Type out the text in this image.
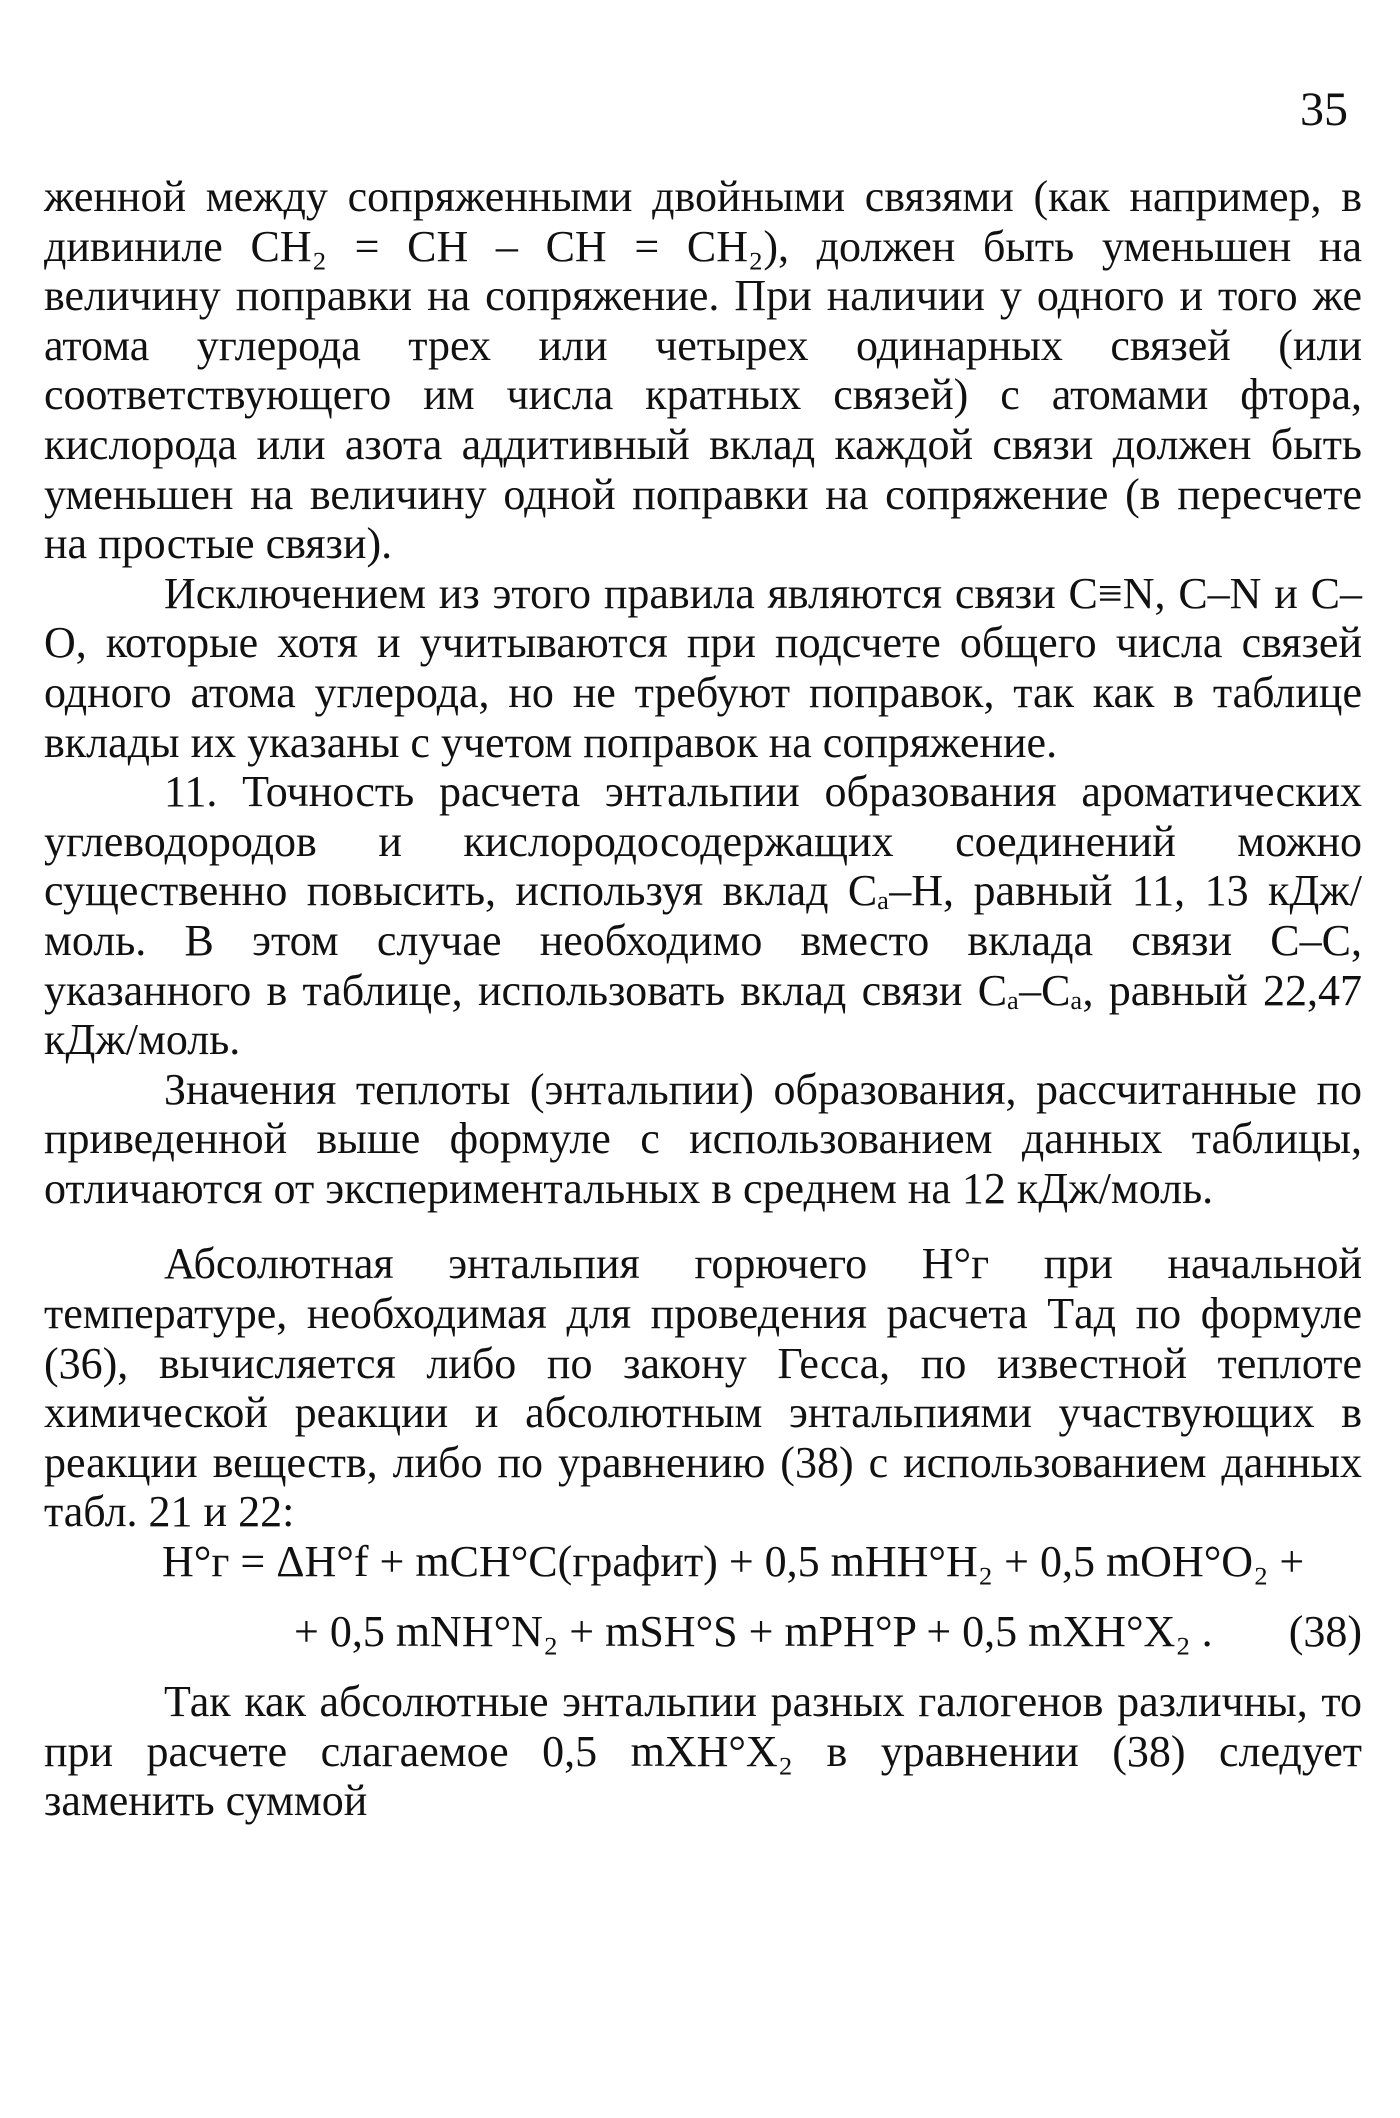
35

женной между сопряженными двойными связями (как например, в дивиниле CH₂ = CH – CH = CH₂), должен быть уменьшен на величину поправки на сопряжение. При наличии у одного и того же атома углерода трех или четырех одинарных связей (или соответствующего им числа кратных связей) с атомами фтора, кислорода или азота аддитивный вклад каждой связи должен быть уменьшен на величину одной поправки на сопряжение (в пересчете на простые связи).

Исключением из этого правила являются связи C≡N, C–N и C–O, которые хотя и учитываются при подсчете общего числа связей одного атома углерода, но не требуют поправок, так как в таблице вклады их указаны с учетом поправок на сопряжение.

11. Точность расчета энтальпии образования ароматических углеводородов и кислородосодержащих соединений можно существенно повысить, используя вклад Cₐ–H, равный 11, 13 кДж/моль. В этом случае необходимо вместо вклада связи C–C, указанного в таблице, использовать вклад связи Cₐ–Cₐ, равный 22,47 кДж/моль.

Значения теплоты (энтальпии) образования, рассчитанные по приведенной выше формуле с использованием данных таблицы, отличаются от экспериментальных в среднем на 12 кДж/моль.

Абсолютная энтальпия горючего H°г при начальной температуре, необходимая для проведения расчета Tад по формуле (36), вычисляется либо по закону Гесса, по известной теплоте химической реакции и абсолютным энтальпиями участвующих в реакции веществ, либо по уравнению (38) с использованием данных табл. 21 и 22:

H°г = ΔH°f + mCH°C(графит) + 0,5 mHH°H₂ + 0,5 mOH°O₂ +
+ 0,5 mNH°N₂ + mSH°S + mPH°P + 0,5 mXH°X₂ . (38)

Так как абсолютные энтальпии разных галогенов различны, то при расчете слагаемое 0,5 mXH°X₂ в уравнении (38) следует заменить суммой
